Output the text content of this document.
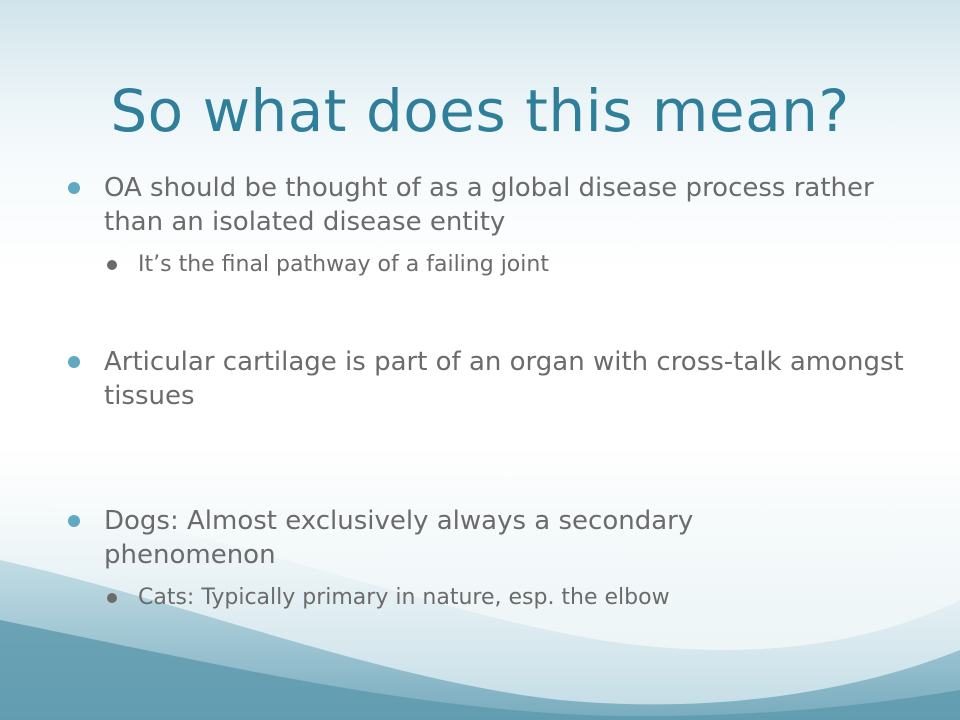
So what does this mean?
OA should be thought of as a global disease process rather than an isolated disease entity
It’s the final pathway of a failing joint
Articular cartilage is part of an organ with cross-talk amongst tissues
Dogs: Almost exclusively always a secondary phenomenon
Cats: Typically primary in nature, esp. the elbow
